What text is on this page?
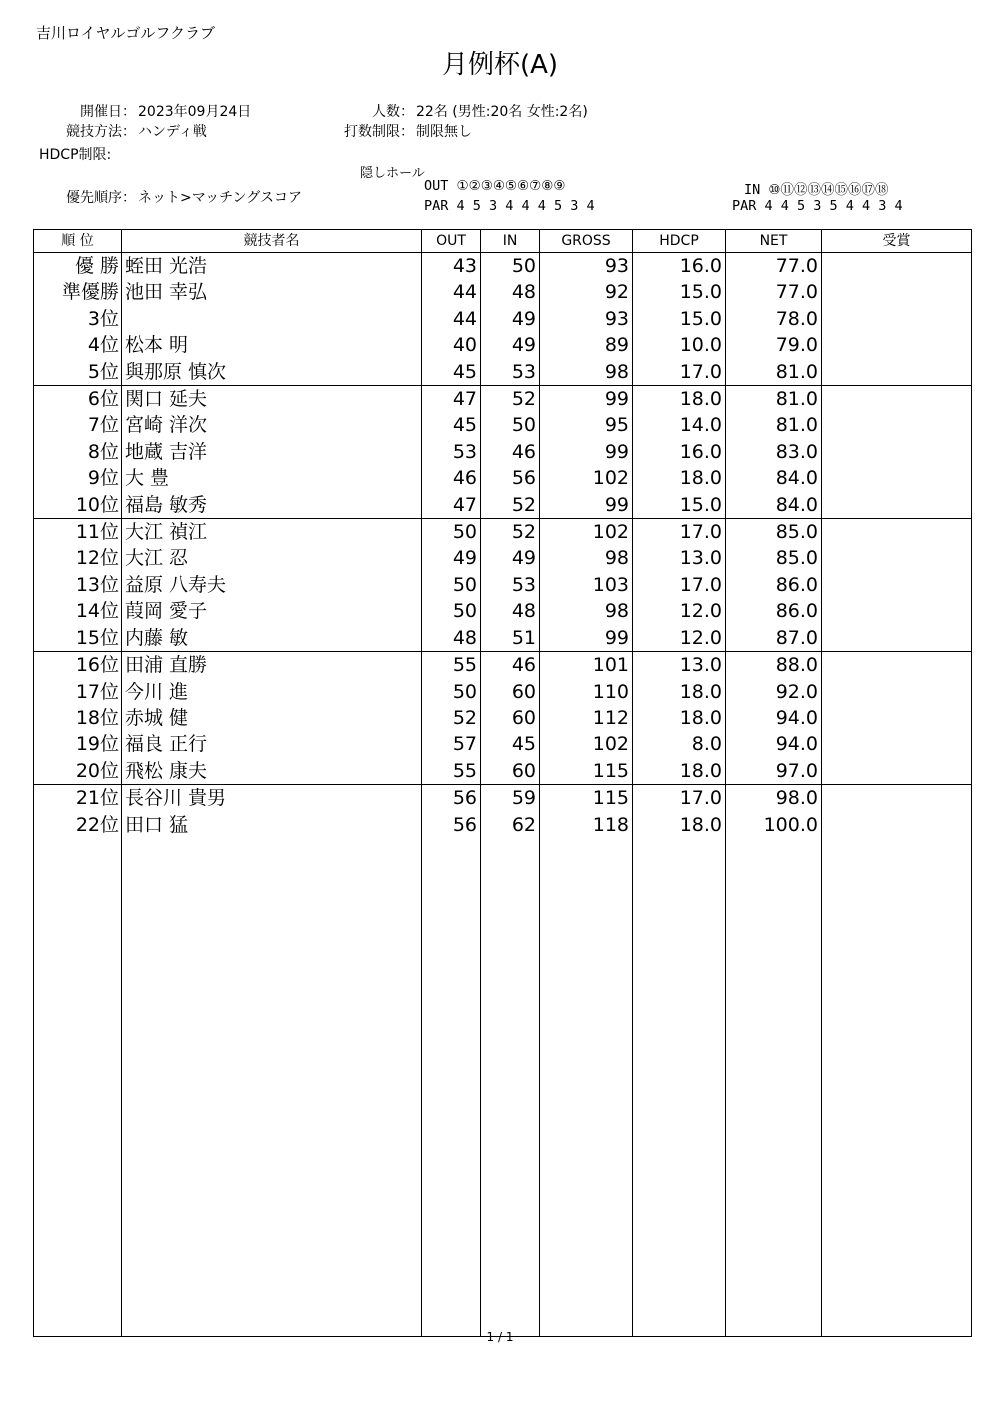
吉川ロイヤルゴルフクラブ
月例杯(A)
開催日： 2023年09月24日	人数： 22名 (男性:20名 女性:2名)
競技方法： ハンディ戦	打数制限： 制限無し
HDCP制限:
隠しホール
優先順序： ネット>マッチングスコア
OUT ①②③④⑤⑥⑦⑧⑨
PAR 4 5 3 4 4 4 5 3 4
IN ⑩⑪⑫⑬⑭⑮⑯⑰⑱
PAR 4 4 5 3 5 4 4 3 4
順 位	競技者名	OUT	IN	GROSS	HDCP	NET	受賞
優 勝	蛭田 光浩	43	50	93	16.0	77.0	
準優勝	池田 幸弘	44	48	92	15.0	77.0	
3位		44	49	93	15.0	78.0	
4位	松本 明	40	49	89	10.0	79.0	
5位	與那原 慎次	45	53	98	17.0	81.0	
6位	関口 延夫	47	52	99	18.0	81.0	
7位	宮崎 洋次	45	50	95	14.0	81.0	
8位	地蔵 吉洋	53	46	99	16.0	83.0	
9位	大 豊	46	56	102	18.0	84.0	
10位	福島 敏秀	47	52	99	15.0	84.0	
11位	大江 禎江	50	52	102	17.0	85.0	
12位	大江 忍	49	49	98	13.0	85.0	
13位	益原 八寿夫	50	53	103	17.0	86.0	
14位	葭岡 愛子	50	48	98	12.0	86.0	
15位	内藤 敏	48	51	99	12.0	87.0	
16位	田浦 直勝	55	46	101	13.0	88.0	
17位	今川 進	50	60	110	18.0	92.0	
18位	赤城 健	52	60	112	18.0	94.0	
19位	福良 正行	57	45	102	8.0	94.0	
20位	飛松 康夫	55	60	115	18.0	97.0	
21位	長谷川 貴男	56	59	115	17.0	98.0	
22位	田口 猛	56	62	118	18.0	100.0	

1 / 1
